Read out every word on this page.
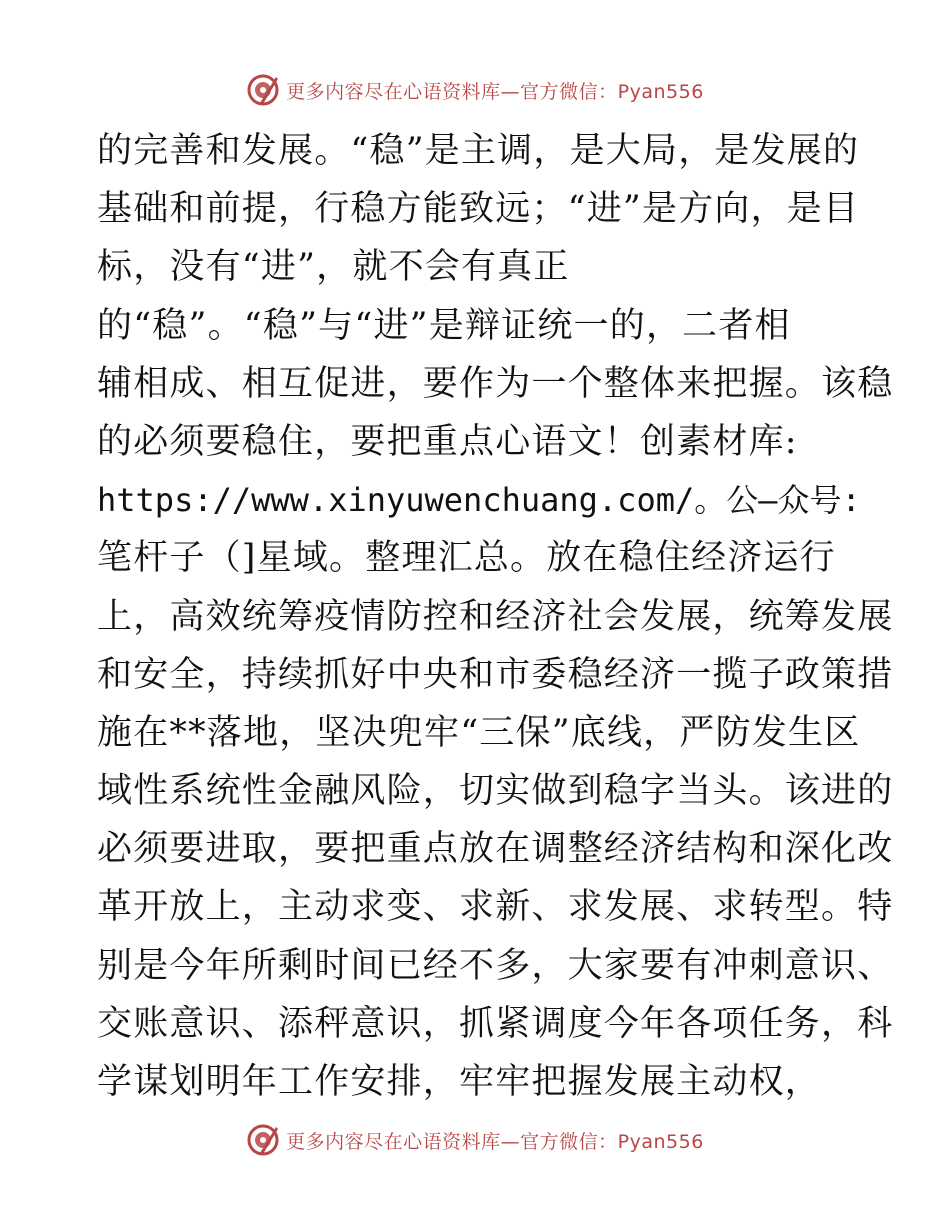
更多内容尽在心语资料库—官方微信：Pyan556
的完善和发展。“稳”是主调，是大局，是发展的
基础和前提，行稳方能致远；“进”是方向，是目
标，没有“进”，就不会有真正
的“稳”。“稳”与“进”是辩证统一的，二者相
辅相成、相互促进，要作为一个整体来把握。该稳
的必须要稳住，要把重点心语文！创素材库:
https://www.xinyuwenchuang.com/。公—众号:
笔杆子（]星域。整理汇总。放在稳住经济运行
上，高效统筹疫情防控和经济社会发展，统筹发展
和安全，持续抓好中央和市委稳经济一揽子政策措
施在**落地，坚决兜牢“三保”底线，严防发生区
域性系统性金融风险，切实做到稳字当头。该进的
必须要进取，要把重点放在调整经济结构和深化改
革开放上，主动求变、求新、求发展、求转型。特
别是今年所剩时间已经不多，大家要有冲刺意识、
交账意识、添秤意识，抓紧调度今年各项任务，科
学谋划明年工作安排，牢牢把握发展主动权，
更多内容尽在心语资料库—官方微信：Pyan556
